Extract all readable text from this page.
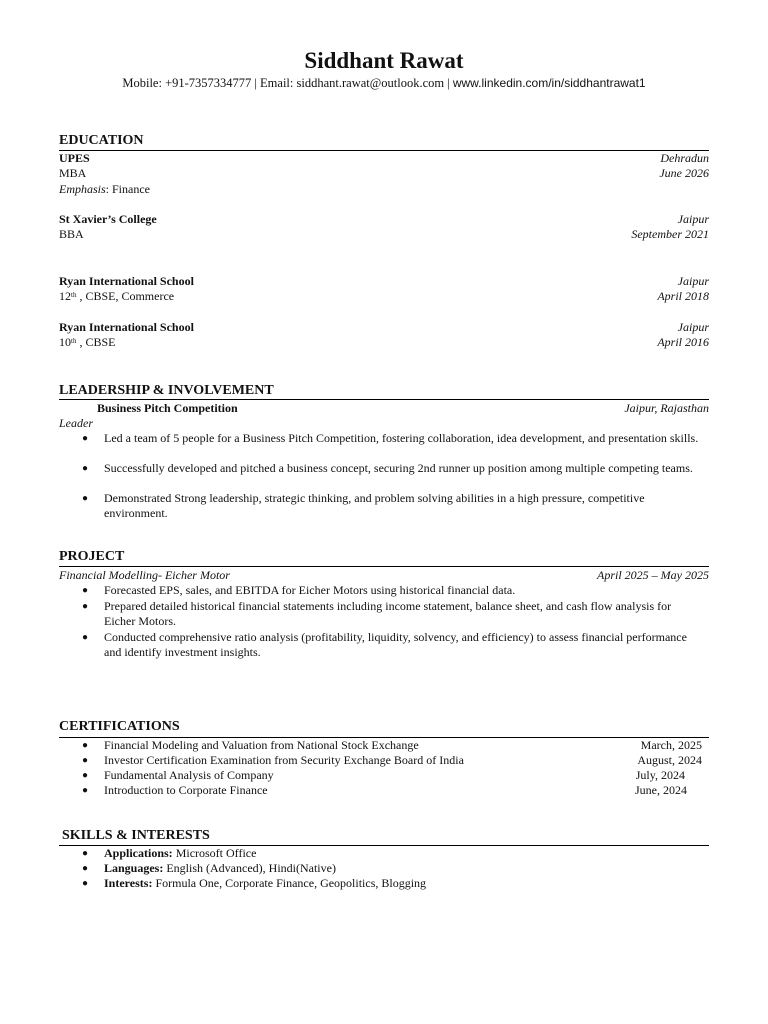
Siddhant Rawat
Mobile: +91-7357334777 | Email: siddhant.rawat@outlook.com | www.linkedin.com/in/siddhantrawat1
EDUCATION
UPES	Dehradun
MBA	June 2026
Emphasis: Finance
St Xavier’s College	Jaipur
BBA	September 2021
Ryan International School	Jaipur
12th , CBSE, Commerce	April 2018
Ryan International School	Jaipur
10th , CBSE	April 2016
LEADERSHIP & INVOLVEMENT
Business Pitch Competition	Jaipur, Rajasthan
Leader
●	Led a team of 5 people for a Business Pitch Competition, fostering collaboration, idea development, and presentation skills.
●	Successfully developed and pitched a business concept, securing 2nd runner up position among multiple competing teams.
●	Demonstrated Strong leadership, strategic thinking, and problem solving abilities in a high pressure, competitive environment.
PROJECT
Financial Modelling- Eicher Motor	April 2025 – May 2025
●	Forecasted EPS, sales, and EBITDA for Eicher Motors using historical financial data.
●	Prepared detailed historical financial statements including income statement, balance sheet, and cash flow analysis for Eicher Motors.
●	Conducted comprehensive ratio analysis (profitability, liquidity, solvency, and efficiency) to assess financial performance and identify investment insights.
CERTIFICATIONS
●	Financial Modeling and Valuation from National Stock Exchange	March, 2025
●	Investor Certification Examination from Security Exchange Board of India	August, 2024
●	Fundamental Analysis of Company	July, 2024
●	Introduction to Corporate Finance	June, 2024
SKILLS & INTERESTS
●	Applications: Microsoft Office
●	Languages: English (Advanced), Hindi(Native)
●	Interests: Formula One, Corporate Finance, Geopolitics, Blogging
